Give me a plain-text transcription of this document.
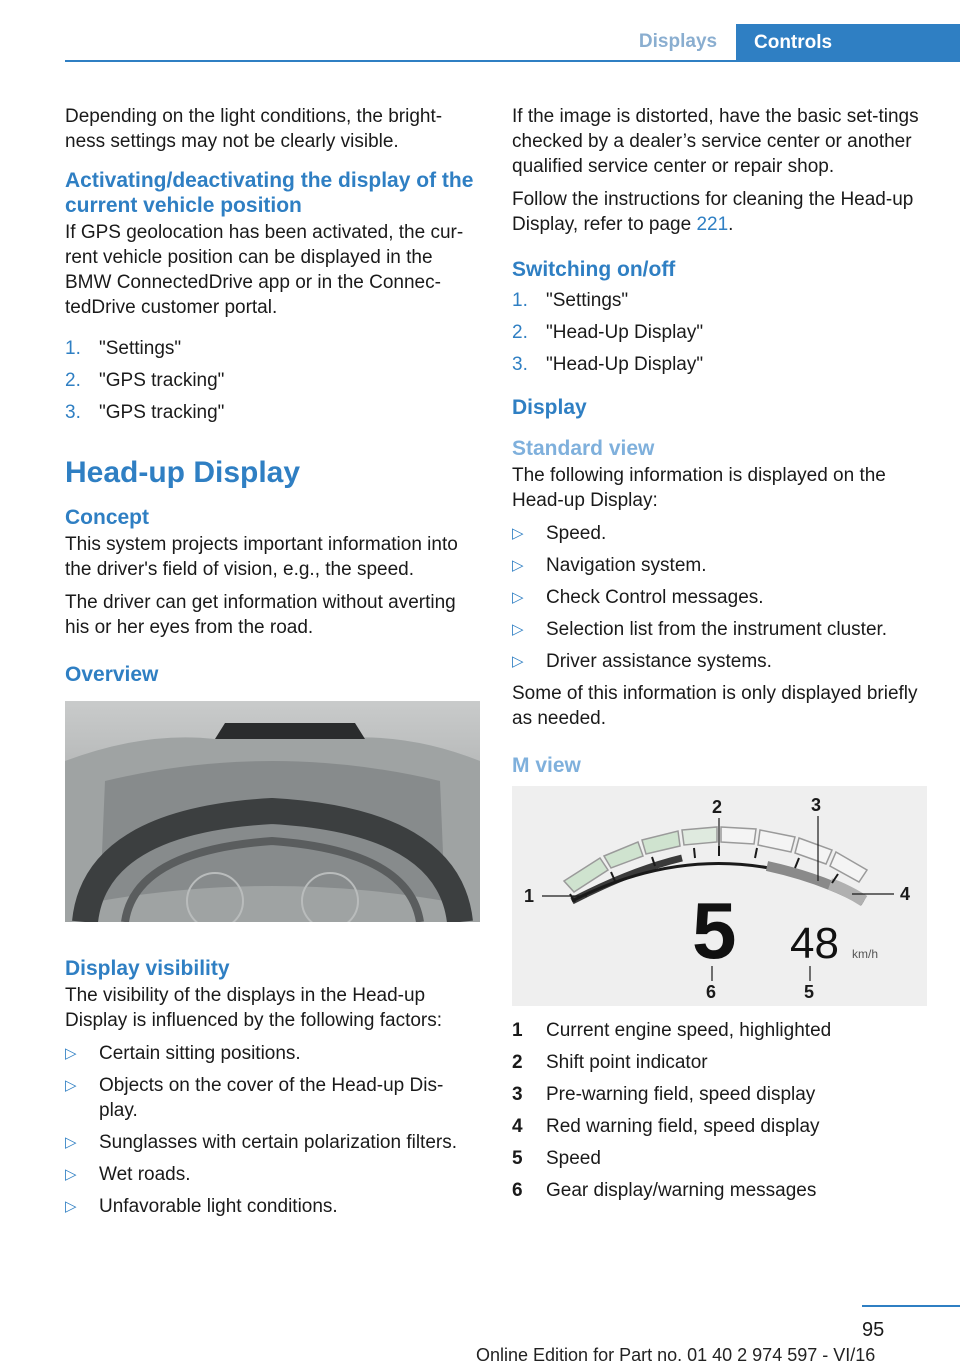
Displays	Controls

Depending on the light conditions, the bright-ness settings may not be clearly visible.

Activating/deactivating the display of the current vehicle position

If GPS geolocation has been activated, the cur-rent vehicle position can be displayed in the BMW ConnectedDrive app or in the Connec-tedDrive customer portal.

1. "Settings"
2. "GPS tracking"
3. "GPS tracking"
Head-up Display
Concept

This system projects important information into the driver's field of vision, e.g., the speed.

The driver can get information without averting his or her eyes from the road.

Overview
Display visibility

The visibility of the displays in the Head-up Display is influenced by the following factors:

▷	Certain sitting positions.
▷	Objects on the cover of the Head-up Dis-play.
▷	Sunglasses with certain polarization filters.
▷	Wet roads.
▷	Unfavorable light conditions.

If the image is distorted, have the basic set-tings checked by a dealer’s service center or another qualified service center or repair shop.

Follow the instructions for cleaning the Head-up Display, refer to page 221.

Switching on/off
1. "Settings"
2. "Head-Up Display"
3. "Head-Up Display"
Display
Standard view

The following information is displayed on the Head-up Display:

▷	Speed.
▷	Navigation system.
▷	Check Control messages.
▷	Selection list from the instrument cluster.
▷	Driver assistance systems.

Some of this information is only displayed briefly as needed.

M view
1
2	3
4
5
6
5 48 km/h
1	Current engine speed, highlighted
2	Shift point indicator
3	Pre-warning field, speed display
4	Red warning field, speed display
5	Speed
6	Gear display/warning messages
95
Online Edition for Part no. 01 40 2 974 597 - VI/16
